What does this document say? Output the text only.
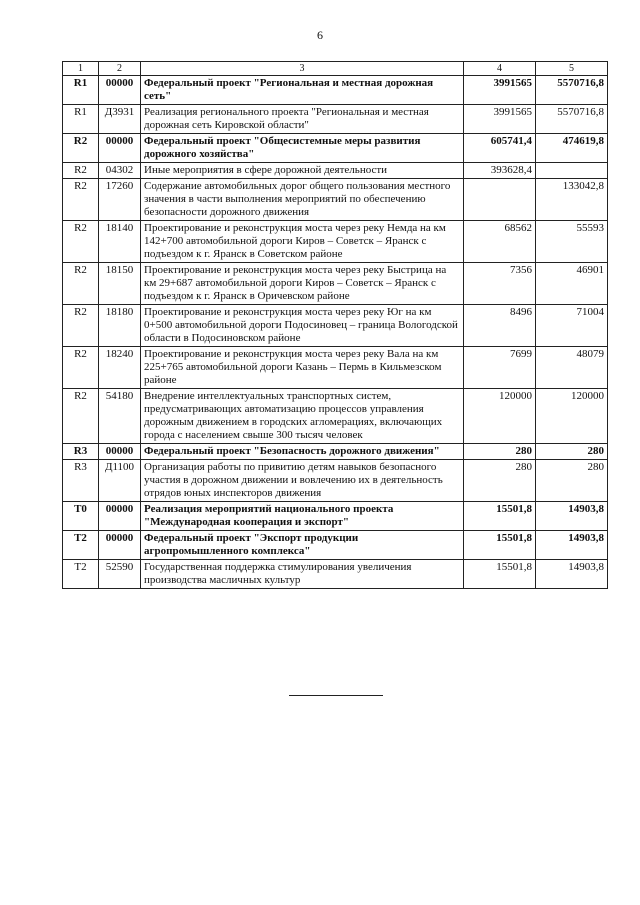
6
1	2	3	4	5
R1	00000	Федеральный проект "Региональная и местная дорожная сеть"	3991565	5570716,8
R1	Д3931	Реализация регионального проекта "Региональная и местная дорожная сеть Кировской области"	3991565	5570716,8
R2	00000	Федеральный проект "Общесистемные меры развития дорожного хозяйства"	605741,4	474619,8
R2	04302	Иные мероприятия в сфере дорожной деятельности	393628,4	
R2	17260	Содержание автомобильных дорог общего пользования местного значения в части выполнения мероприятий по обеспечению безопасности дорожного движения		133042,8
R2	18140	Проектирование и реконструкция моста через реку Немда на км 142+700 автомобильной дороги Киров – Советск – Яранск с подъездом к г. Яранск в Советском районе	68562	55593
R2	18150	Проектирование и реконструкция моста через реку Быстрица на км 29+687 автомобильной дороги Киров – Советск – Яранск с подъездом к г. Яранск в Оричевском районе	7356	46901
R2	18180	Проектирование и реконструкция моста через реку Юг на км 0+500 автомобильной дороги Подосиновец – граница Вологодской области в Подосиновском районе	8496	71004
R2	18240	Проектирование и реконструкция моста через реку Вала на км 225+765 автомобильной дороги Казань – Пермь в Кильмезском районе	7699	48079
R2	54180	Внедрение интеллектуальных транспортных систем, предусматривающих автоматизацию процессов управления дорожным движением в городских агломерациях, включающих города с населением свыше 300 тысяч человек	120000	120000
R3	00000	Федеральный проект "Безопасность дорожного движения"	280	280
R3	Д1100	Организация работы по привитию детям навыков безопасного участия в дорожном движении и вовлечению их в деятельность отрядов юных инспекторов движения	280	280
T0	00000	Реализация мероприятий национального проекта "Международная кооперация и экспорт"	15501,8	14903,8
T2	00000	Федеральный проект "Экспорт продукции агропромышленного комплекса"	15501,8	14903,8
T2	52590	Государственная поддержка стимулирования увеличения производства масличных культур	15501,8	14903,8
